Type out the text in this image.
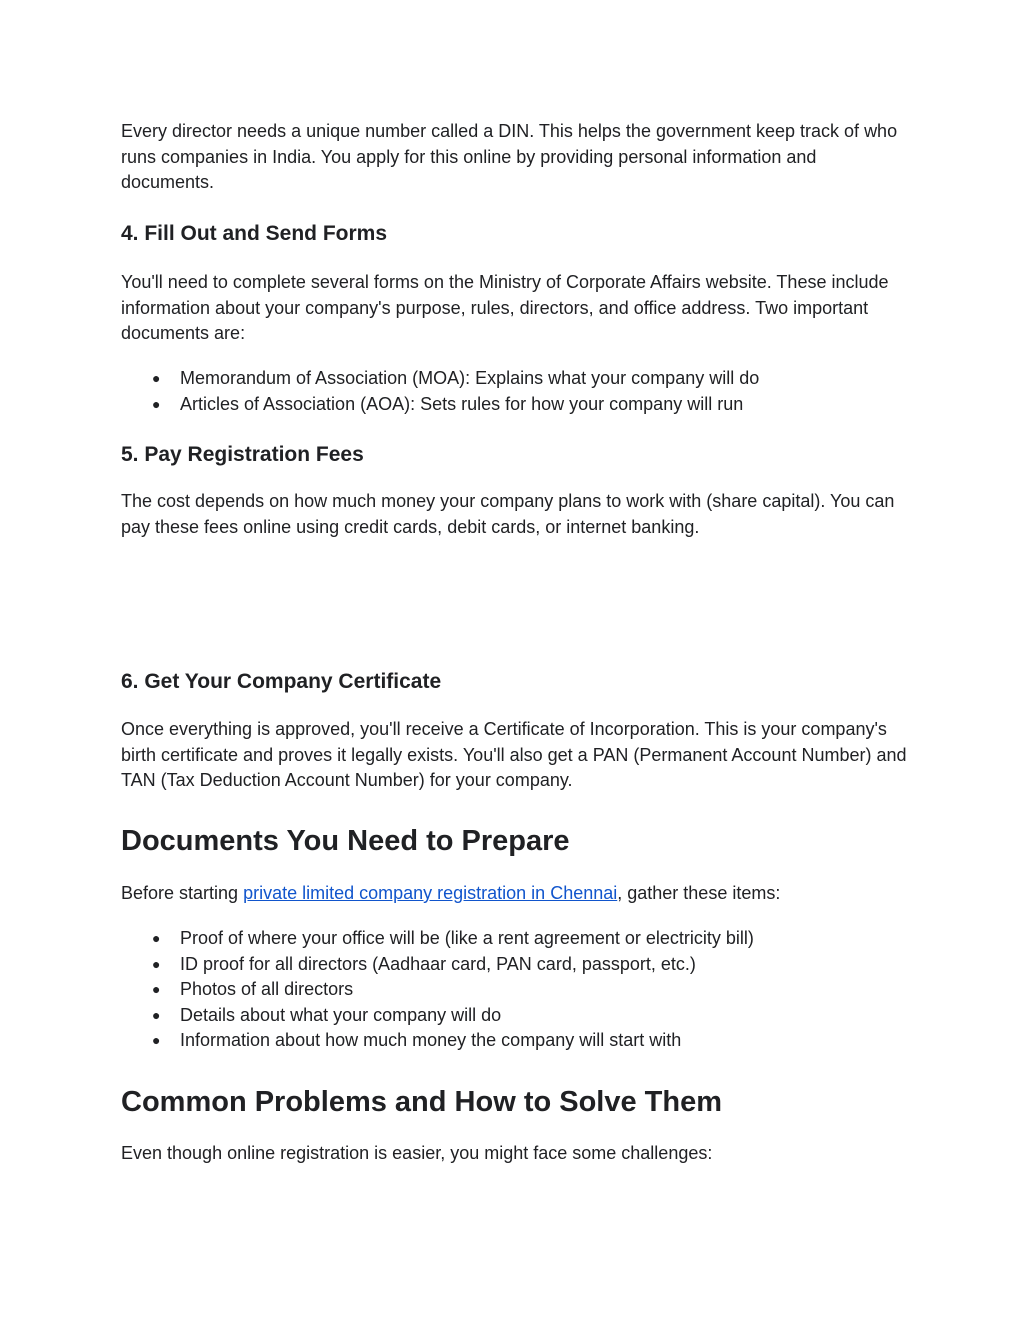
Every director needs a unique number called a DIN. This helps the government keep track of who runs companies in India. You apply for this online by providing personal information and documents.

4. Fill Out and Send Forms

You'll need to complete several forms on the Ministry of Corporate Affairs website. These include information about your company's purpose, rules, directors, and office address. Two important documents are:

● Memorandum of Association (MOA): Explains what your company will do
● Articles of Association (AOA): Sets rules for how your company will run
5. Pay Registration Fees

The cost depends on how much money your company plans to work with (share capital). You can pay these fees online using credit cards, debit cards, or internet banking.

6. Get Your Company Certificate

Once everything is approved, you'll receive a Certificate of Incorporation. This is your company's birth certificate and proves it legally exists. You'll also get a PAN (Permanent Account Number) and TAN (Tax Deduction Account Number) for your company.

Documents You Need to Prepare

Before starting private limited company registration in Chennai, gather these items:

● Proof of where your office will be (like a rent agreement or electricity bill)
● ID proof for all directors (Aadhaar card, PAN card, passport, etc.)
● Photos of all directors
● Details about what your company will do
● Information about how much money the company will start with
Common Problems and How to Solve Them

Even though online registration is easier, you might face some challenges:
